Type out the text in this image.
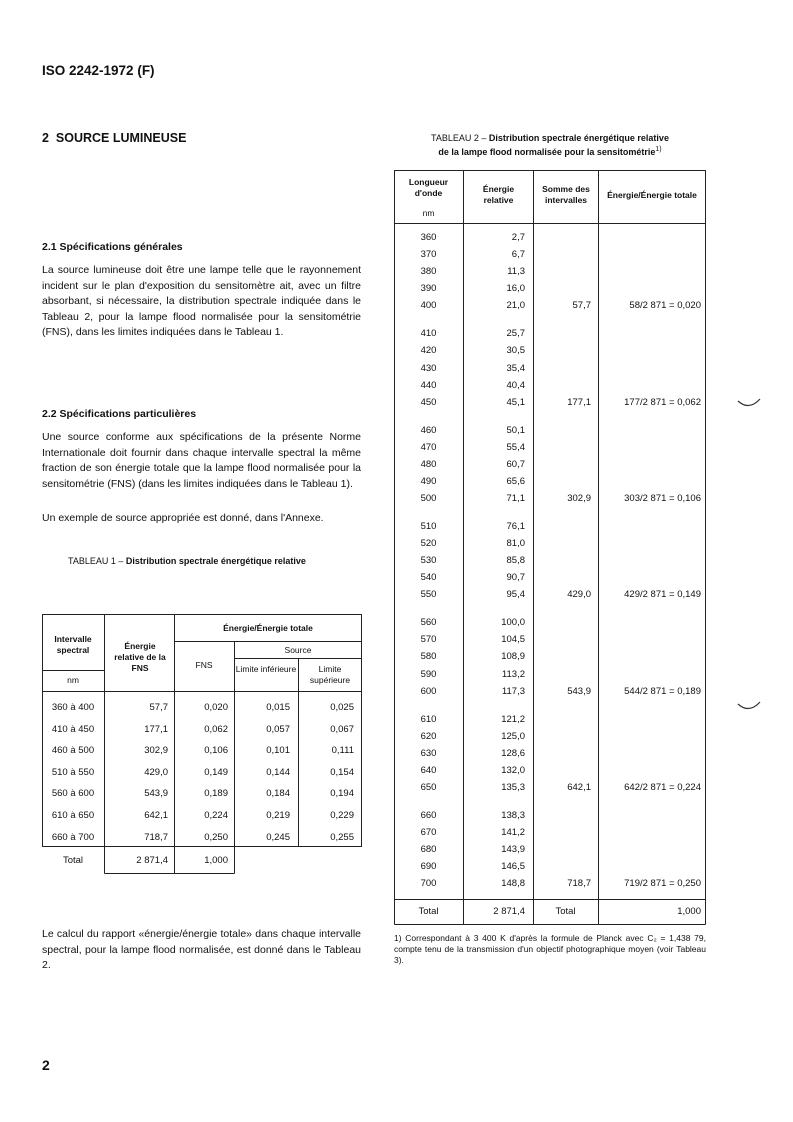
ISO 2242-1972 (F)
2 SOURCE LUMINEUSE
2.1 Spécifications générales
La source lumineuse doit être une lampe telle que le rayonnement incident sur le plan d'exposition du sensitomètre ait, avec un filtre absorbant, si nécessaire, la distribution spectrale indiquée dans le Tableau 2, pour la lampe flood normalisée pour la sensitométrie (FNS), dans les limites indiquées dans le Tableau 1.
2.2 Spécifications particulières
Une source conforme aux spécifications de la présente Norme Internationale doit fournir dans chaque intervalle spectral la même fraction de son énergie totale que la lampe flood normalisée pour la sensitométrie (FNS) (dans les limites indiquées dans le Tableau 1).
Un exemple de source appropriée est donné, dans l'Annexe.
TABLEAU 1 – Distribution spectrale énergétique relative
Intervalle spectral
nm
Énergie relative de la FNS
Énergie/Énergie totale
FNS
Source
Limite inférieure	Limite supérieure
360 à 400	57,7	0,020	0,015	0,025
410 à 450	177,1	0,062	0,057	0,067
460 à 500	302,9	0,106	0,101	0,111
510 à 550	429,0	0,149	0,144	0,154
560 à 600	543,9	0,189	0,184	0,194
610 à 650	642,1	0,224	0,219	0,229
660 à 700	718,7	0,250	0,245	0,255
Total	2 871,4	1,000
Le calcul du rapport «énergie/énergie totale» dans chaque intervalle spectral, pour la lampe flood normalisée, est donné dans le Tableau 2.
TABLEAU 2 – Distribution spectrale énergétique relative
de la lampe flood normalisée pour la sensitométrie$^{1)}$
Longueur d'onde
nm
Énergie relative
Somme des intervalles	Énergie/Énergie totale
360	2,7
370	6,7
380	11,3
390	16,0
400	21,0	57,7	58/2 871 = 0,020
410	25,7
420	30,5
430	35,4
440	40,4
450	45,1	177,1	177/2 871 = 0,062
460	50,1
470	55,4
480	60,7
490	65,6
500	71,1	302,9	303/2 871 = 0,106
510	76,1
520	81,0
530	85,8
540	90,7
550	95,4	429,0	429/2 871 = 0,149
560	100,0
570	104,5
580	108,9
590	113,2
600	117,3	543,9	544/2 871 = 0,189
610	121,2
620	125,0
630	128,6
640	132,0
650	135,3	642,1	642/2 871 = 0,224
660	138,3
670	141,2
680	143,9
690	146,5
700	148,8	718,7	719/2 871 = 0,250
Total	2 871,4	Total	1,000
1) Correspondant à 3 400 K d'après la formule de Planck avec C₂ = 1,438 79, compte tenu de la transmission d'un objectif photographique moyen (voir Tableau 3).
2
